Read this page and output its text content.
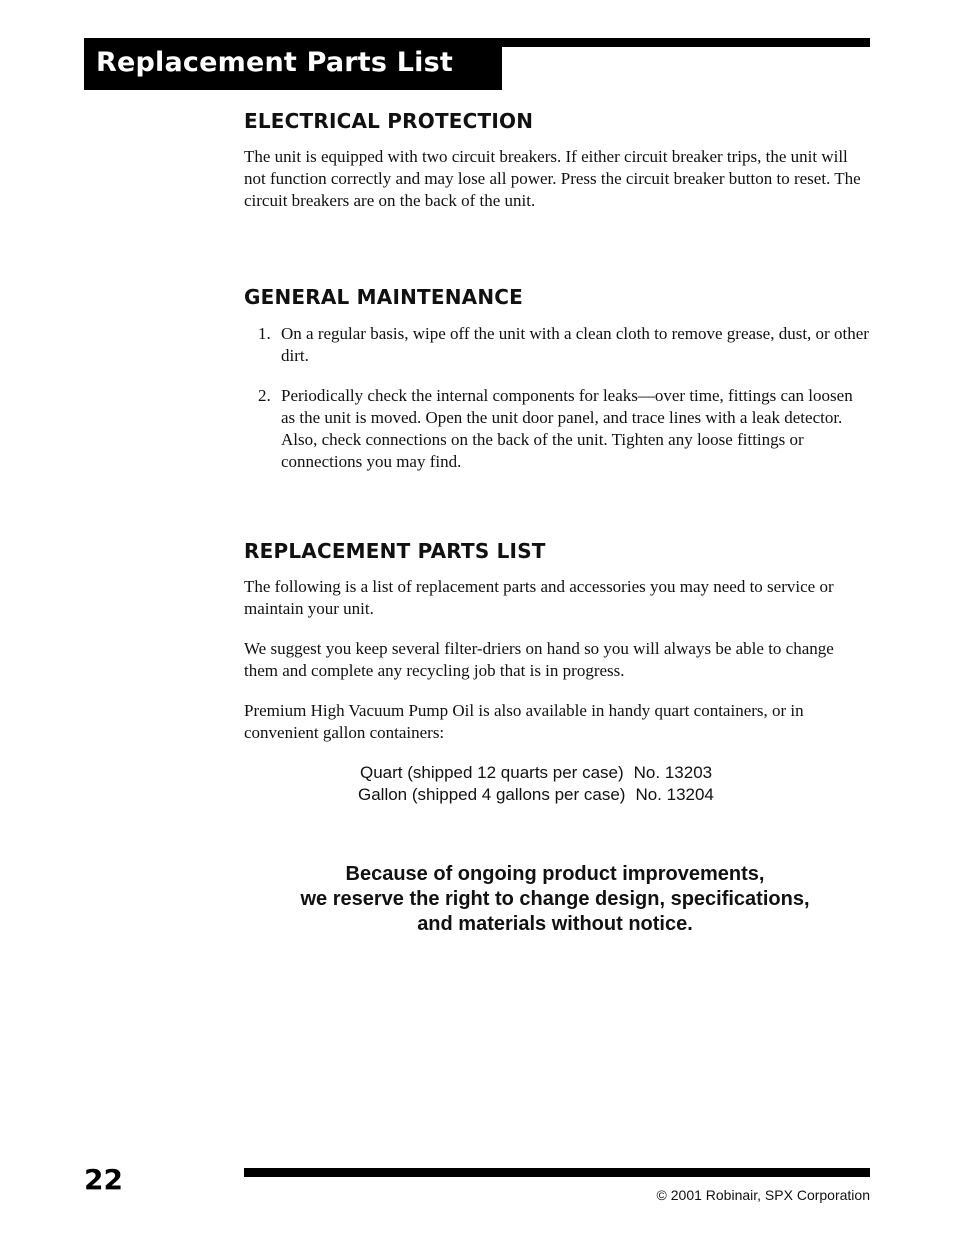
Replacement Parts List
ELECTRICAL PROTECTION

The unit is equipped with two circuit breakers. If either circuit breaker trips, the unit will not function correctly and may lose all power. Press the circuit breaker button to reset. The circuit breakers are on the back of the unit.

GENERAL MAINTENANCE
1. On a regular basis, wipe off the unit with a clean cloth to remove grease, dust, or other dirt.
2. Periodically check the internal components for leaks—over time, fittings can loosen as the unit is moved. Open the unit door panel, and trace lines with a leak detector. Also, check connections on the back of the unit. Tighten any loose fittings or connections you may find.
REPLACEMENT PARTS LIST

The following is a list of replacement parts and accessories you may need to service or maintain your unit.

We suggest you keep several filter-driers on hand so you will always be able to change them and complete any recycling job that is in progress.

Premium High Vacuum Pump Oil is also available in handy quart containers, or in convenient gallon containers:

Quart (shipped 12 quarts per case) No. 13203
Gallon (shipped 4 gallons per case) No. 13204
Because of ongoing product improvements,
we reserve the right to change design, specifications,
and materials without notice.
22	© 2001 Robinair, SPX Corporation
